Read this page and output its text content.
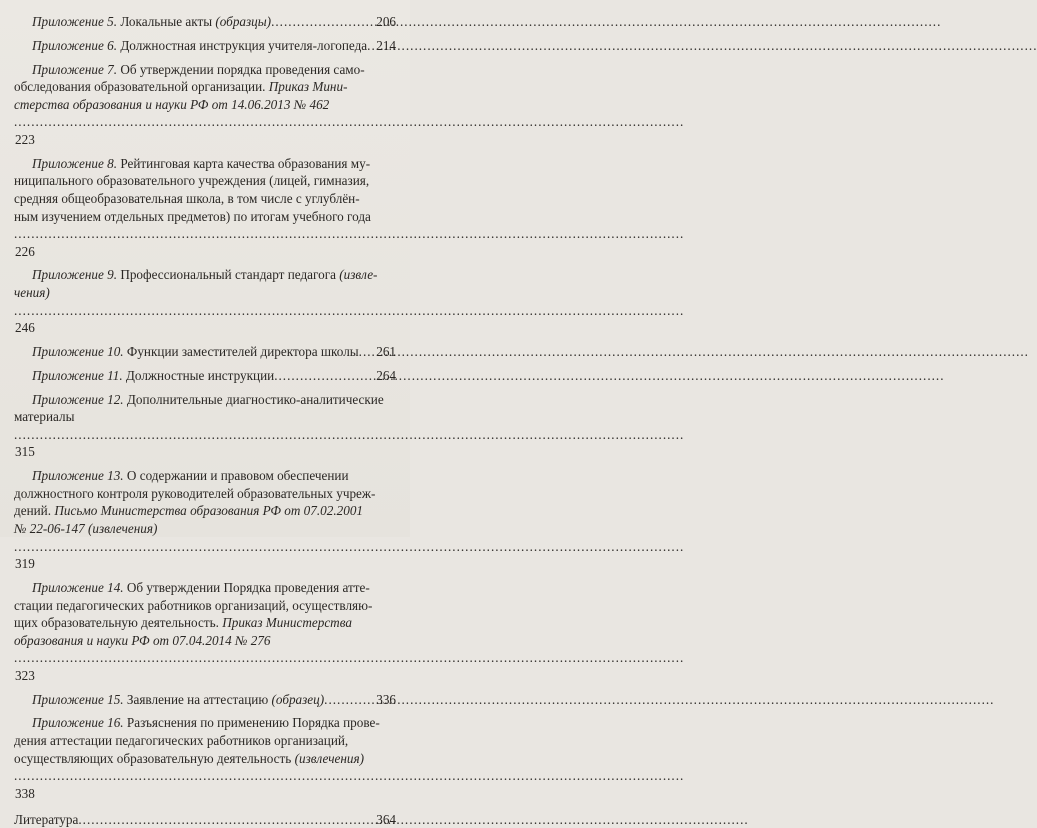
Приложение 5. Локальные акты (образцы) .....	206
Приложение 6. Должностная инструкция учителя-логопеда ..... 214
Приложение 7. Об утверждении порядка проведения само-
обследования образовательной организации. Приказ Мини-
стерства образования и науки РФ от 14.06.2013 № 462 ..... 223
Приложение 8. Рейтинговая карта качества образования му-
ниципального образовательного учреждения (лицей, гимназия,
средняя общеобразовательная школа, в том числе с углублён-
ным изучением отдельных предметов) по итогам учебного года ..... 226
Приложение 9. Профессиональный стандарт педагога (извле-
чения) ..... 246
Приложение 10. Функции заместителей директора школы ..... 261
Приложение 11. Должностные инструкции .....	264
Приложение 12. Дополнительные диагностико-аналитические
материалы ..... 315
Приложение 13. О содержании и правовом обеспечении
должностного контроля руководителей образовательных учреж-
дений. Письмо Министерства образования РФ от 07.02.2001
№ 22-06-147 (извлечения) ..... 319
Приложение 14. Об утверждении Порядка проведения атте-
стации педагогических работников организаций, осуществляю-
щих образовательную деятельность. Приказ Министерства
образования и науки РФ от 07.04.2014 № 276 ..... 323
Приложение 15. Заявление на аттестацию (образец) .....	336
Приложение 16. Разъяснения по применению Порядка прове-
дения аттестации педагогических работников организаций,
осуществляющих образовательную деятельность (извлечения) ..... 338
Литература .....	364
